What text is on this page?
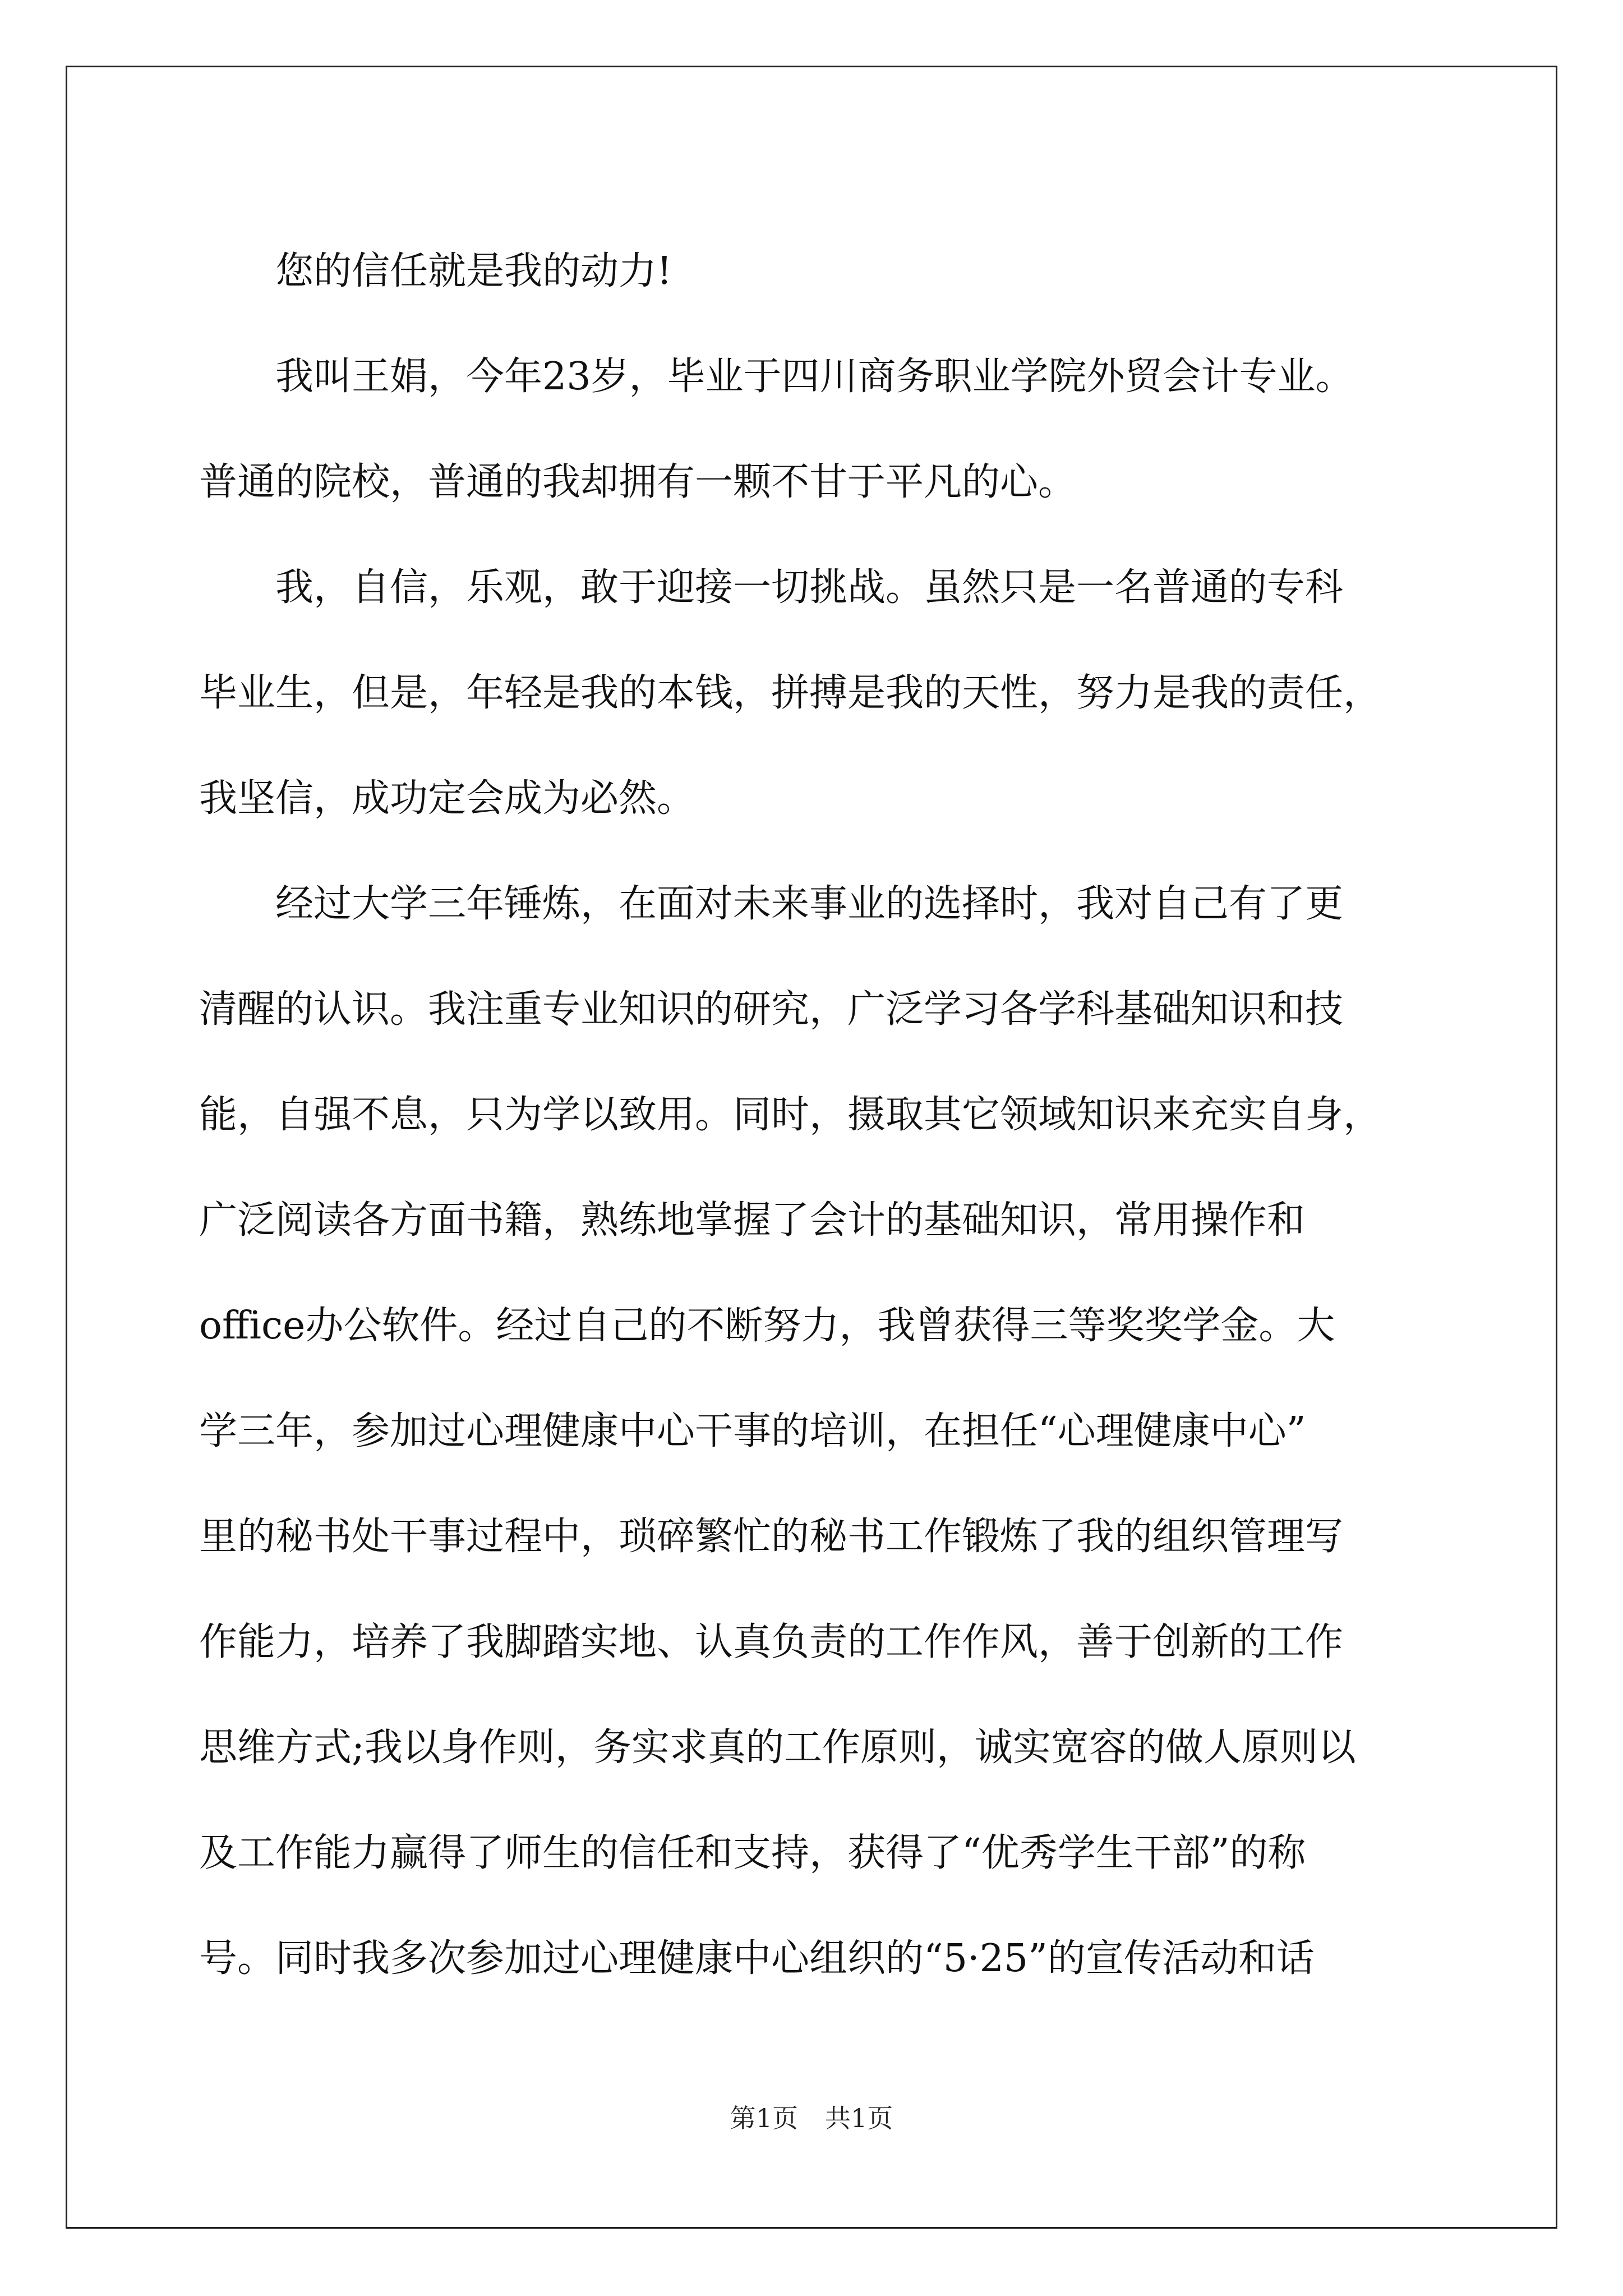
　　您的信任就是我的动力!
　　我叫王娟，今年23岁，毕业于四川商务职业学院外贸会计专业。
普通的院校，普通的我却拥有一颗不甘于平凡的心。
　　我，自信，乐观，敢于迎接一切挑战。虽然只是一名普通的专科
毕业生，但是，年轻是我的本钱，拼搏是我的天性，努力是我的责任，
我坚信，成功定会成为必然。
　　经过大学三年锤炼，在面对未来事业的选择时，我对自己有了更
清醒的认识。我注重专业知识的研究，广泛学习各学科基础知识和技
能，自强不息，只为学以致用。同时，摄取其它领域知识来充实自身，
广泛阅读各方面书籍，熟练地掌握了会计的基础知识，常用操作和
office办公软件。经过自己的不断努力，我曾获得三等奖奖学金。大
学三年，参加过心理健康中心干事的培训，在担任“心理健康中心”
里的秘书处干事过程中，琐碎繁忙的秘书工作锻炼了我的组织管理写
作能力，培养了我脚踏实地、认真负责的工作作风，善于创新的工作
思维方式;我以身作则，务实求真的工作原则，诚实宽容的做人原则以
及工作能力赢得了师生的信任和支持，获得了“优秀学生干部”的称
号。同时我多次参加过心理健康中心组织的“5·25”的宣传活动和话
第1页 共1页
